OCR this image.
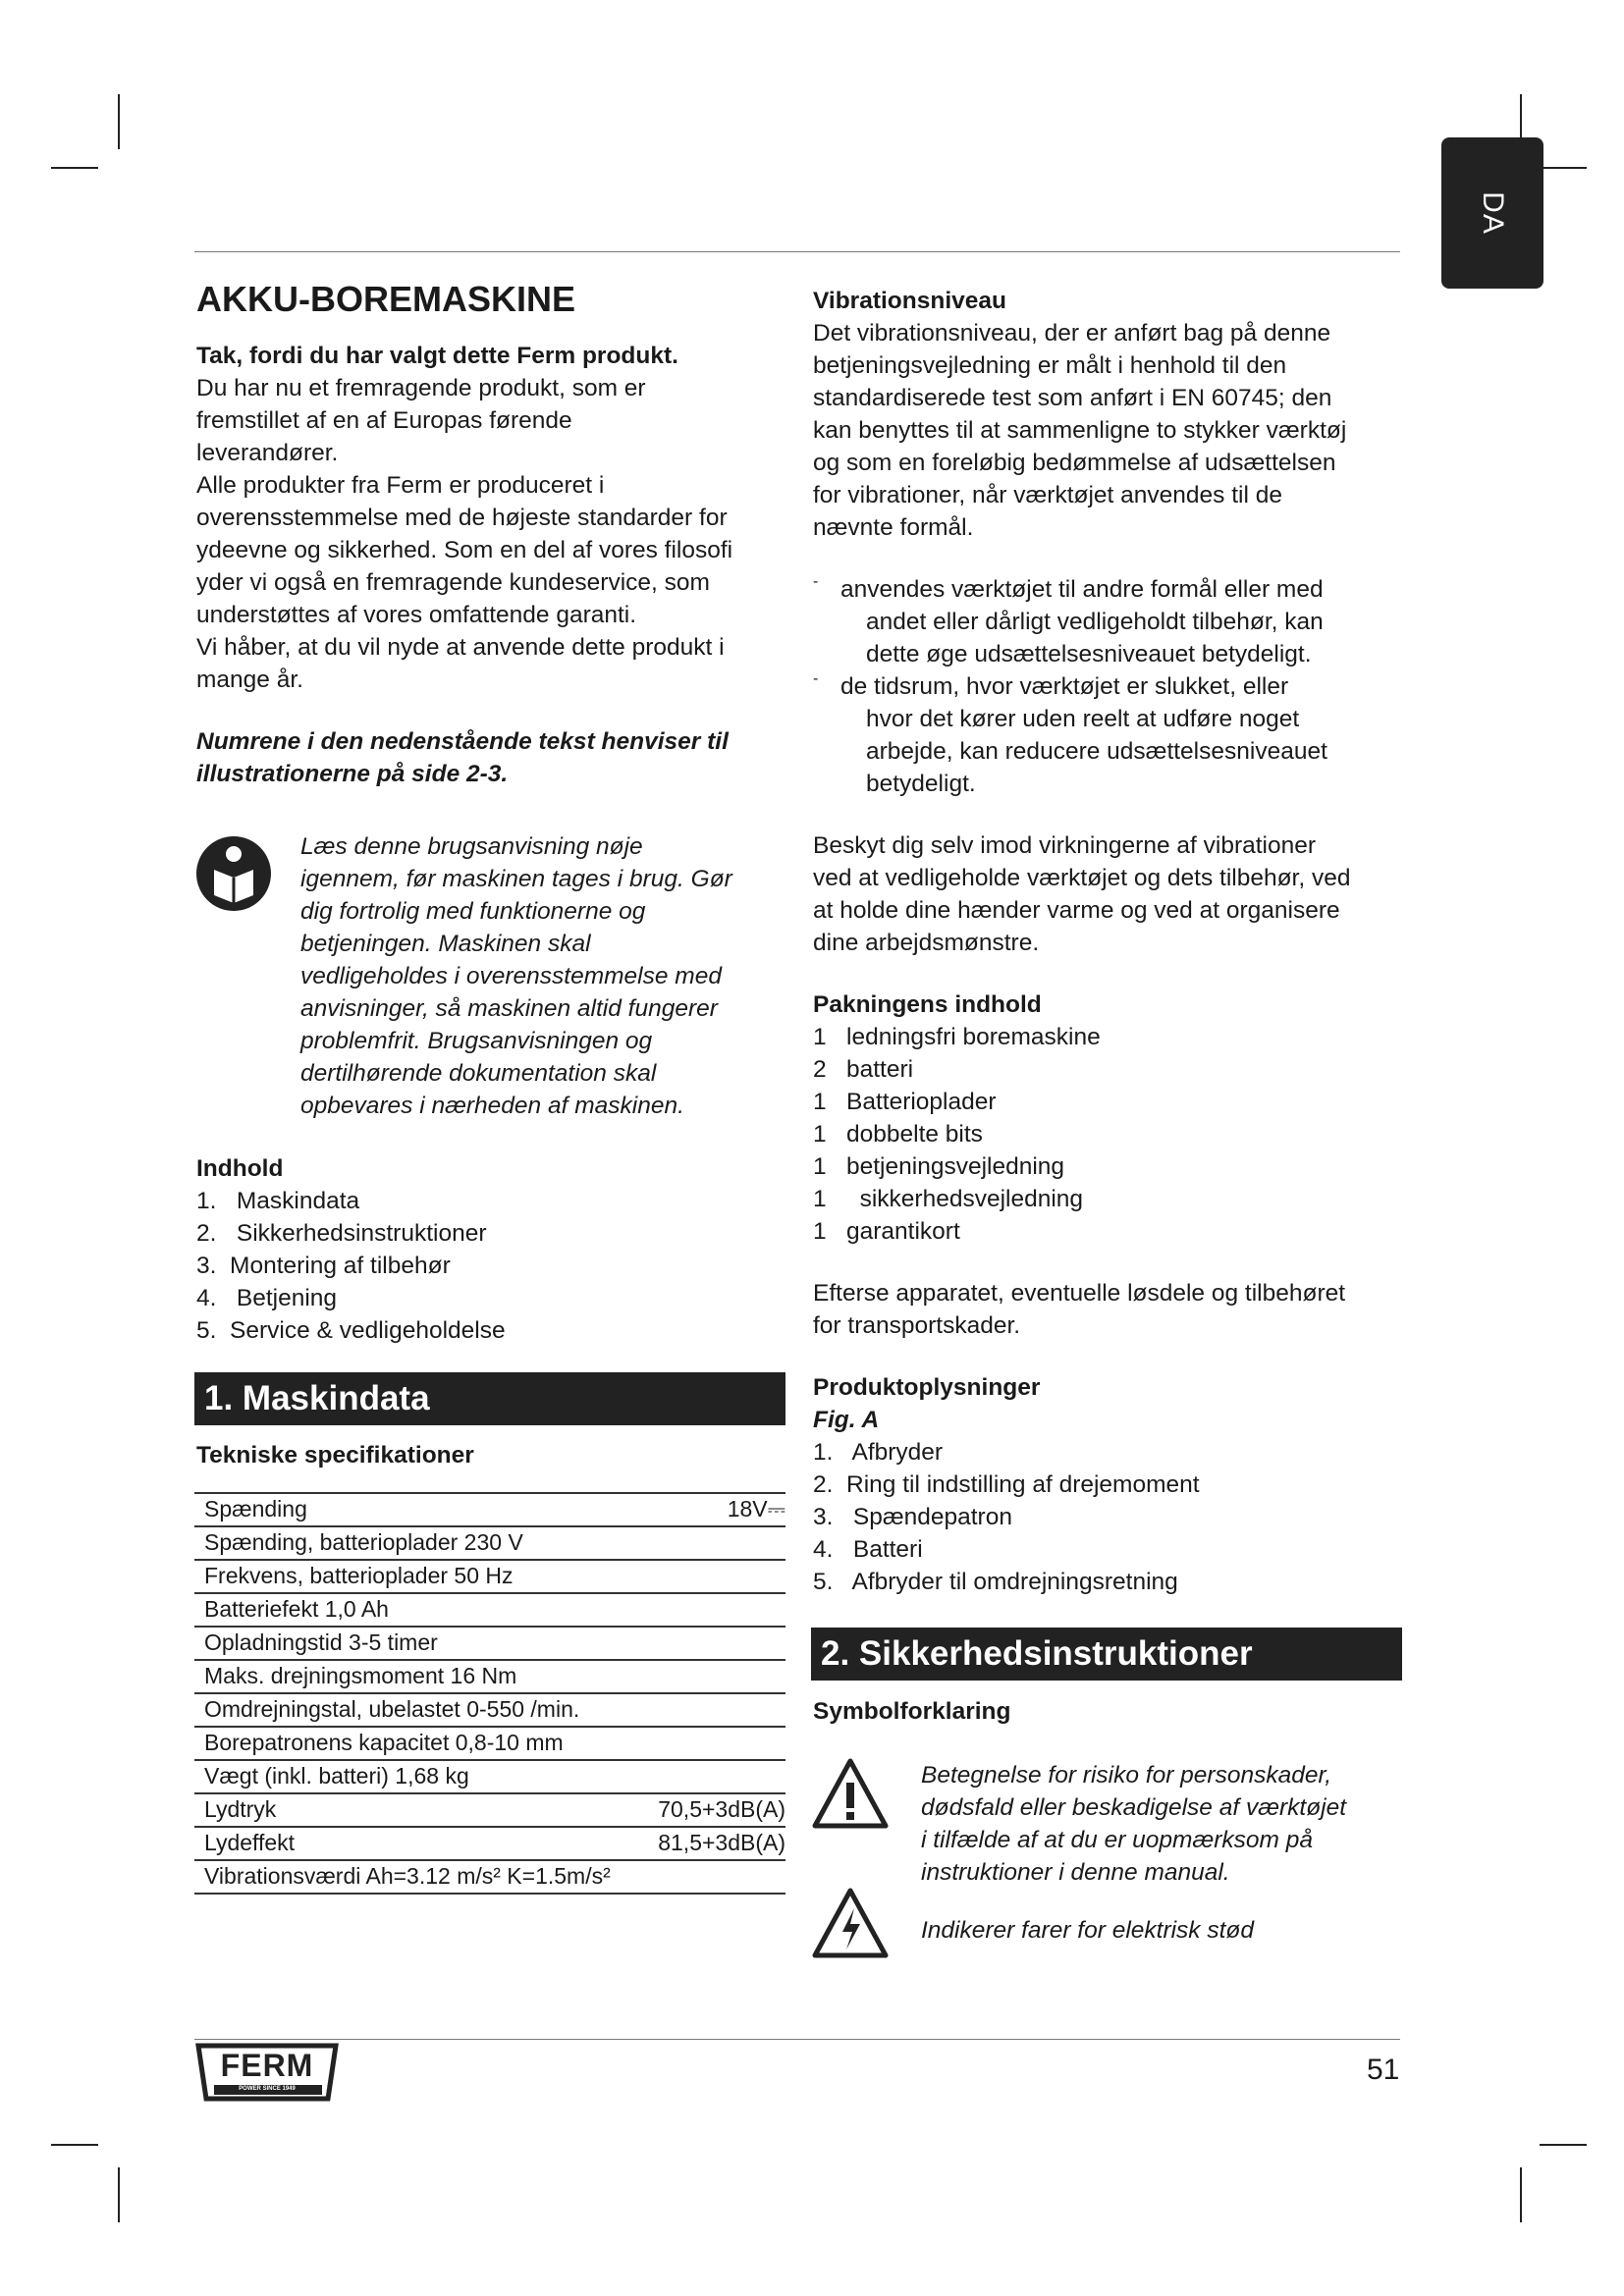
DA

AKKU-BOREMASKINE

Tak, fordi du har valgt dette Ferm produkt.

Du har nu et fremragende produkt, som er

fremstillet af en af Europas førende

leverandører.

Alle produkter fra Ferm er produceret i

overensstemmelse med de højeste standarder for

ydeevne og sikkerhed. Som en del af vores filosofi

yder vi også en fremragende kundeservice, som

understøttes af vores omfattende garanti.

Vi håber, at du vil nyde at anvende dette produkt i

mange år.

Numrene i den nedenstående tekst henviser til

illustrationerne på side 2-3.

Læs denne brugsanvisning nøje

igennem, før maskinen tages i brug. Gør

dig fortrolig med funktionerne og

betjeningen. Maskinen skal

vedligeholdes i overensstemmelse med

anvisninger, så maskinen altid fungerer

problemfrit. Brugsanvisningen og

dertilhørende dokumentation skal

opbevares i nærheden af maskinen.

Indhold

1.   Maskindata
2.   Sikkerhedsinstruktioner
3.  Montering af tilbehør
4.   Betjening
5.  Service & vedligeholdelse
1. Maskindata

Tekniske specifikationer

Spænding	18V⎓
Spænding, batterioplader 230 V
Frekvens, batterioplader 50 Hz
Batteriefekt 1,0 Ah
Opladningstid 3-5 timer
Maks. drejningsmoment 16 Nm
Omdrejningstal, ubelastet 0-550 /min.
Borepatronens kapacitet 0,8-10 mm
Vægt (inkl. batteri) 1,68 kg
Lydtryk	70,5+3dB(A)
Lydeffekt	81,5+3dB(A)
Vibrationsværdi Ah=3.12 m/s² K=1.5m/s²

Vibrationsniveau

Det vibrationsniveau, der er anført bag på denne

betjeningsvejledning er målt i henhold til den

standardiserede test som anført i EN 60745; den

kan benyttes til at sammenligne to stykker værktøj

og som en foreløbig bedømmelse af udsættelsen

for vibrationer, når værktøjet anvendes til de

nævnte formål.

- anvendes værktøjet til andre formål eller med

andet eller dårligt vedligeholdt tilbehør, kan

dette øge udsættelsesniveauet betydeligt.

- de tidsrum, hvor værktøjet er slukket, eller

hvor det kører uden reelt at udføre noget

arbejde, kan reducere udsættelsesniveauet

betydeligt.

Beskyt dig selv imod virkningerne af vibrationer

ved at vedligeholde værktøjet og dets tilbehør, ved

at holde dine hænder varme og ved at organisere

dine arbejdsmønstre.

Pakningens indhold

1 ledningsfri boremaskine
2 batteri
1 Batterioplader
1 dobbelte bits
1 betjeningsvejledning
1  sikkerhedsvejledning
1 garantikort

Efterse apparatet, eventuelle løsdele og tilbehøret

for transportskader.

Produktoplysninger

Fig. A

1.   Afbryder
2.  Ring til indstilling af drejemoment
3.   Spændepatron
4.   Batteri
5.   Afbryder til omdrejningsretning
2. Sikkerhedsinstruktioner

Symbolforklaring

Betegnelse for risiko for personskader,

dødsfald eller beskadigelse af værktøjet

i tilfælde af at du er uopmærksom på

instruktioner i denne manual.

Indikerer farer for elektrisk stød

FERM
POWER SINCE 1949
51
